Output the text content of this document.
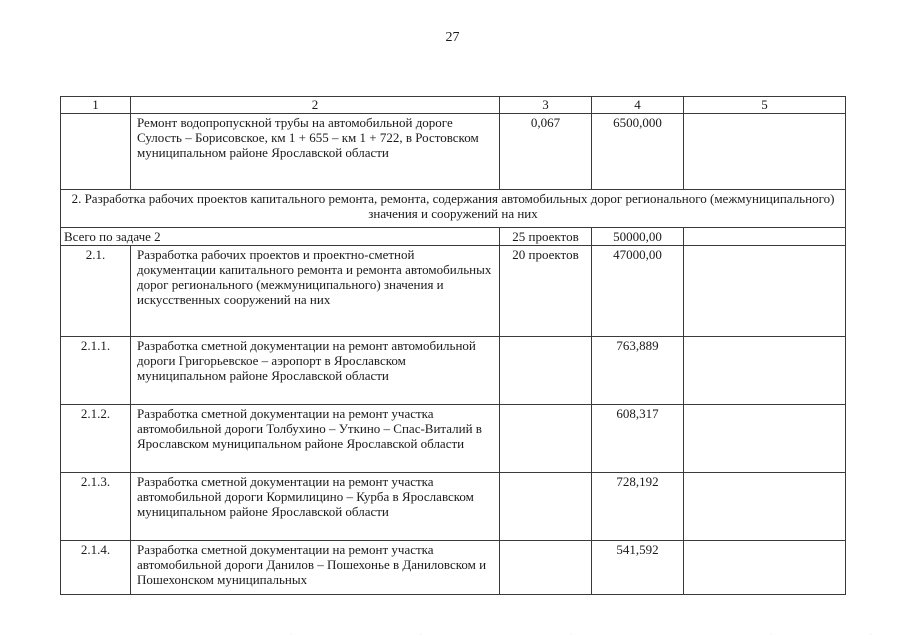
27
1	2	3	4	5
	Ремонт водопропускной трубы на автомобильной дороге Сулость – Борисовское, км 1 + 655 – км 1 + 722, в Ростовском муниципальном районе Ярославской области	0,067	6500,000	
2. Разработка рабочих проектов капитального ремонта, ремонта, содержания автомобильных дорог регионального (межмуниципального) значения и сооружений на них				
Всего по задаче 2		25 проектов	50000,00	
2.1.	Разработка рабочих проектов и проектно-сметной документации капитального ремонта и ремонта автомобильных дорог регионального (межмуниципального) значения и искусственных сооружений на них	20 проектов	47000,00	
2.1.1.	Разработка сметной документации на ремонт автомобильной дороги Григорьевское – аэропорт в Ярославском муниципальном районе Ярославской области		763,889	
2.1.2.	Разработка сметной документации на ремонт участка автомобильной дороги Толбухино – Уткино – Спас-Виталий в Ярославском муниципальном районе Ярославской области		608,317	
2.1.3.	Разработка сметной документации на ремонт участка автомобильной дороги Кормилицино – Курба в Ярославском муниципальном районе Ярославской области		728,192	
2.1.4.	Разработка сметной документации на ремонт участка автомобильной дороги Данилов – Пошехонье в Даниловском и Пошехонском муниципальных		541,592	
·	·	·	·	·
